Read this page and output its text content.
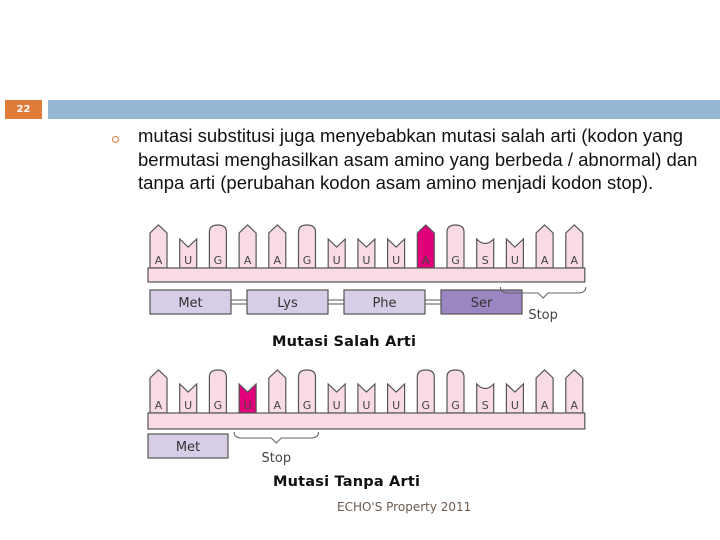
22
mutasi substitusi juga menyebabkan mutasi salah arti (kodon yang bermutasi menghasilkan asam amino yang berbeda / abnormal) dan tanpa arti (perubahan kodon asam amino menjadi kodon stop).
A U G A A G U U U A G S U A A
Met	Lys	Phe	Ser
Stop
A U G U A G U U U G G S U A A
Met
Stop
Mutasi Salah Arti
Mutasi Tanpa Arti
ECHO'S Property 2011
